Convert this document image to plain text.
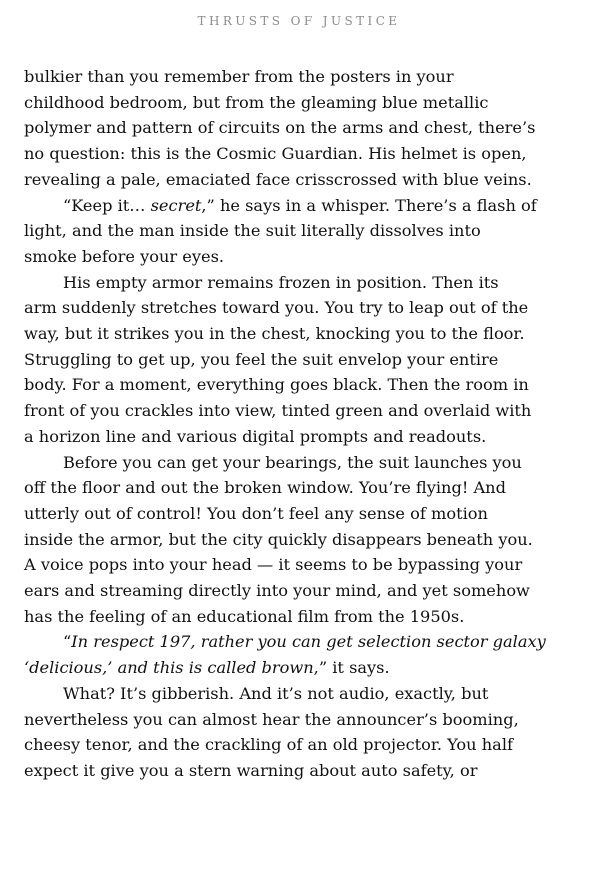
THRUSTS OF JUSTICE

bulkier than you remember from the posters in your
childhood bedroom, but from the gleaming blue metallic
polymer and pattern of circuits on the arms and chest, there’s
no question: this is the Cosmic Guardian. His helmet is open,
revealing a pale, emaciated face crisscrossed with blue veins.

“Keep it… secret,” he says in a whisper. There’s a flash of
light, and the man inside the suit literally dissolves into
smoke before your eyes.

His empty armor remains frozen in position. Then its
arm suddenly stretches toward you. You try to leap out of the
way, but it strikes you in the chest, knocking you to the floor.
Struggling to get up, you feel the suit envelop your entire
body. For a moment, everything goes black. Then the room in
front of you crackles into view, tinted green and overlaid with
a horizon line and various digital prompts and readouts.

Before you can get your bearings, the suit launches you
off the floor and out the broken window. You’re flying! And
utterly out of control! You don’t feel any sense of motion
inside the armor, but the city quickly disappears beneath you.
A voice pops into your head — it seems to be bypassing your
ears and streaming directly into your mind, and yet somehow
has the feeling of an educational film from the 1950s.

“In respect 197, rather you can get selection sector galaxy
‘delicious,’ and this is called brown,” it says.

What? It’s gibberish. And it’s not audio, exactly, but
nevertheless you can almost hear the announcer’s booming,
cheesy tenor, and the crackling of an old projector. You half
expect it give you a stern warning about auto safety, or
